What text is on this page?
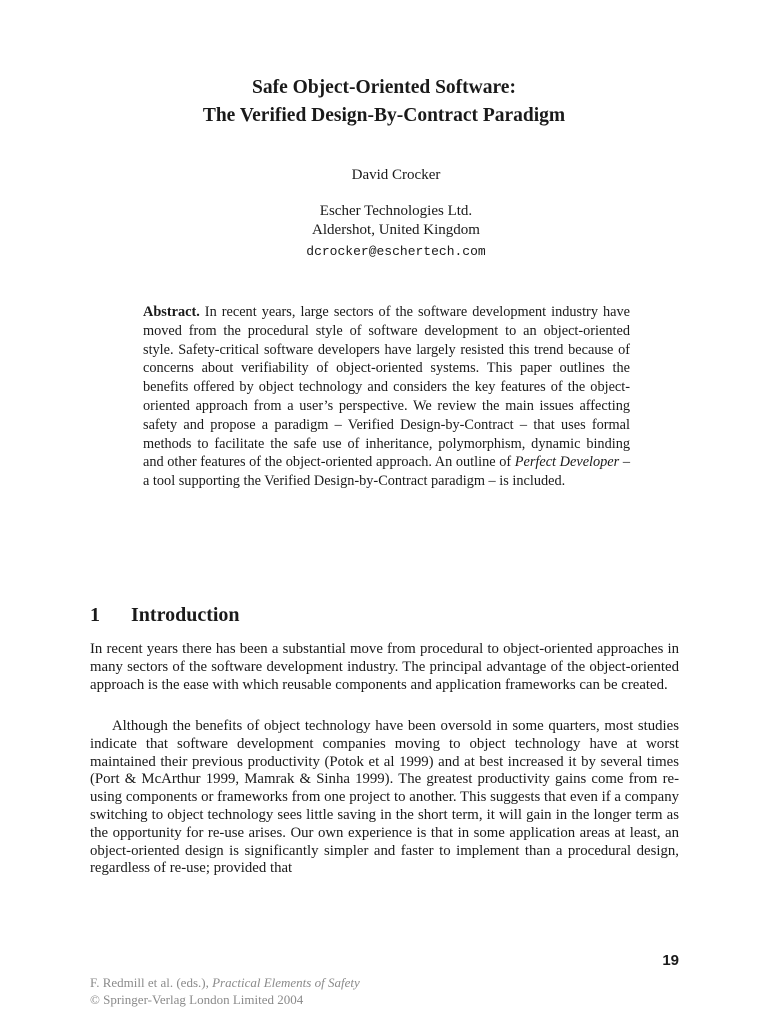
Safe Object-Oriented Software:
The Verified Design-By-Contract Paradigm
David Crocker
Escher Technologies Ltd.
Aldershot, United Kingdom
dcrocker@eschertech.com

Abstract. In recent years, large sectors of the software development industry have moved from the procedural style of software development to an object-oriented style. Safety-critical software developers have largely resisted this trend because of concerns about verifiability of object-oriented systems. This paper outlines the benefits offered by object technology and considers the key features of the object-oriented approach from a user’s perspective. We review the main issues affecting safety and propose a paradigm – Verified Design-by-Contract – that uses formal methods to facilitate the safe use of inheritance, polymorphism, dynamic binding and other features of the object-oriented approach. An outline of Perfect Developer – a tool supporting the Verified Design-by-Contract paradigm – is included.

1 Introduction

In recent years there has been a substantial move from procedural to object-oriented approaches in many sectors of the software development industry. The principal advantage of the object-oriented approach is the ease with which reusable components and application frameworks can be created.

Although the benefits of object technology have been oversold in some quarters, most studies indicate that software development companies moving to object technology have at worst maintained their previous productivity (Potok et al 1999) and at best increased it by several times (Port & McArthur 1999, Mamrak & Sinha 1999). The greatest productivity gains come from re-using components or frameworks from one project to another. This suggests that even if a company switching to object technology sees little saving in the short term, it will gain in the longer term as the opportunity for re-use arises. Our own experience is that in some application areas at least, an object-oriented design is significantly simpler and faster to implement than a procedural design, regardless of re-use; provided that

19
F. Redmill et al. (eds.), Practical Elements of Safety
© Springer-Verlag London Limited 2004
